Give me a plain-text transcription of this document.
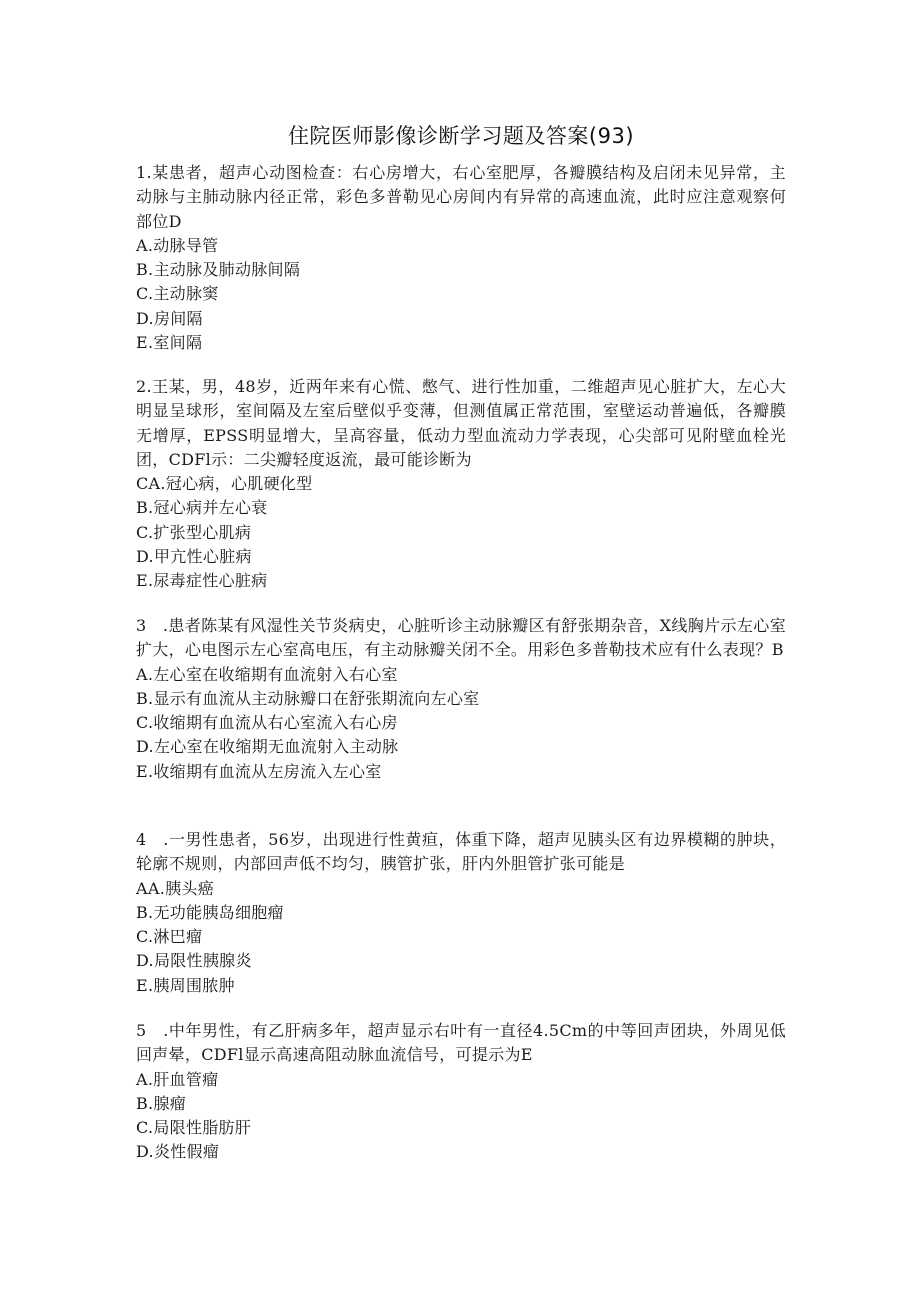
住院医师影像诊断学习题及答案(93)

1.某患者，超声心动图检查：右心房增大，右心室肥厚，各瓣膜结构及启闭未见异常，主动脉与主肺动脉内径正常，彩色多普勒见心房间内有异常的高速血流，此时应注意观察何部位D

A.动脉导管
B.主动脉及肺动脉间隔
C.主动脉窦
D.房间隔
E.室间隔

2.王某，男，48岁，近两年来有心慌、憋气、进行性加重，二维超声见心脏扩大，左心大明显呈球形，室间隔及左室后壁似乎变薄，但测值属正常范围，室壁运动普遍低，各瓣膜无增厚，EPSS明显增大，呈高容量，低动力型血流动力学表现，心尖部可见附壁血栓光团，CDFl示：二尖瓣轻度返流，最可能诊断为

CA.冠心病，心肌硬化型
B.冠心病并左心衰
C.扩张型心肌病
D.甲亢性心脏病
E.尿毒症性心脏病

3　.患者陈某有风湿性关节炎病史，心脏听诊主动脉瓣区有舒张期杂音，X线胸片示左心室扩大，心电图示左心室高电压，有主动脉瓣关闭不全。用彩色多普勒技术应有什么表现？B

A.左心室在收缩期有血流射入右心室
B.显示有血流从主动脉瓣口在舒张期流向左心室
C.收缩期有血流从右心室流入右心房
D.左心室在收缩期无血流射入主动脉
E.收缩期有血流从左房流入左心室

4　.一男性患者，56岁，出现进行性黄疸，体重下降，超声见胰头区有边界模糊的肿块，轮廓不规则，内部回声低不均匀，胰管扩张，肝内外胆管扩张可能是

AA.胰头癌
B.无功能胰岛细胞瘤
C.淋巴瘤
D.局限性胰腺炎
E.胰周围脓肿

5　.中年男性，有乙肝病多年，超声显示右叶有一直径4.5Cm的中等回声团块，外周见低回声晕，CDFl显示高速高阻动脉血流信号，可提示为E

A.肝血管瘤
B.腺瘤
C.局限性脂肪肝
D.炎性假瘤
